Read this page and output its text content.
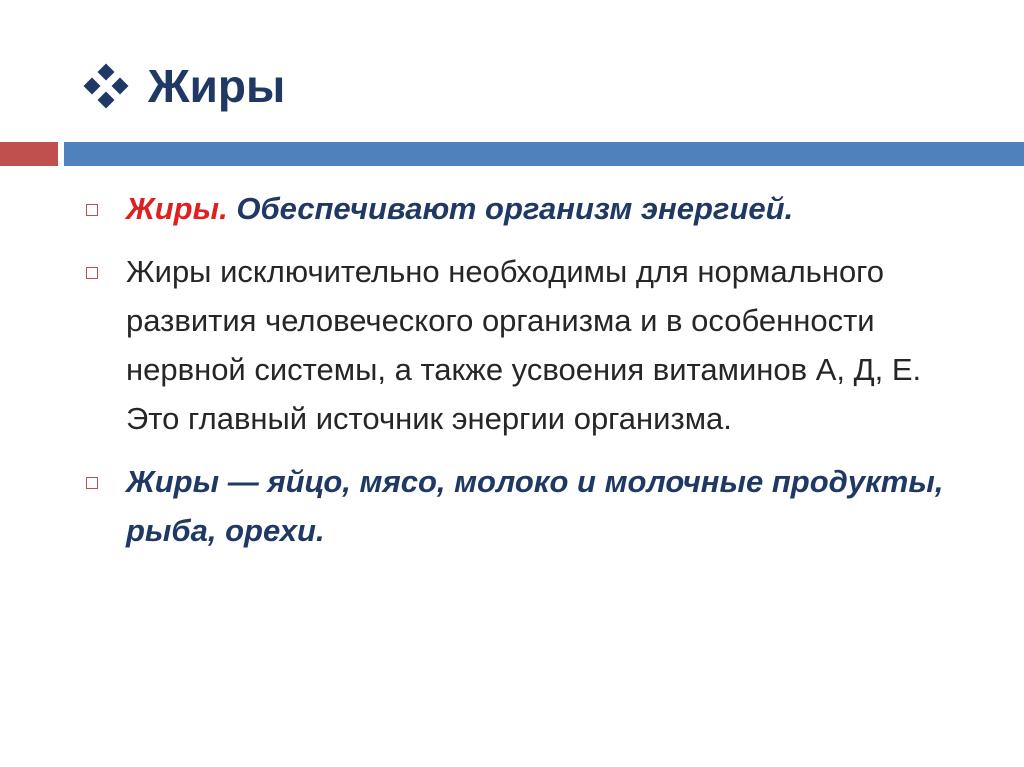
Жиры
Жиры. Обеспечивают организм энергией.
Жиры исключительно необходимы для нормального развития человеческого организма и в особенности нервной системы, а также усвоения витаминов А, Д, Е. Это главный источник энергии организма.
Жиры — яйцо, мясо, молоко и молочные продукты, рыба, орехи.
